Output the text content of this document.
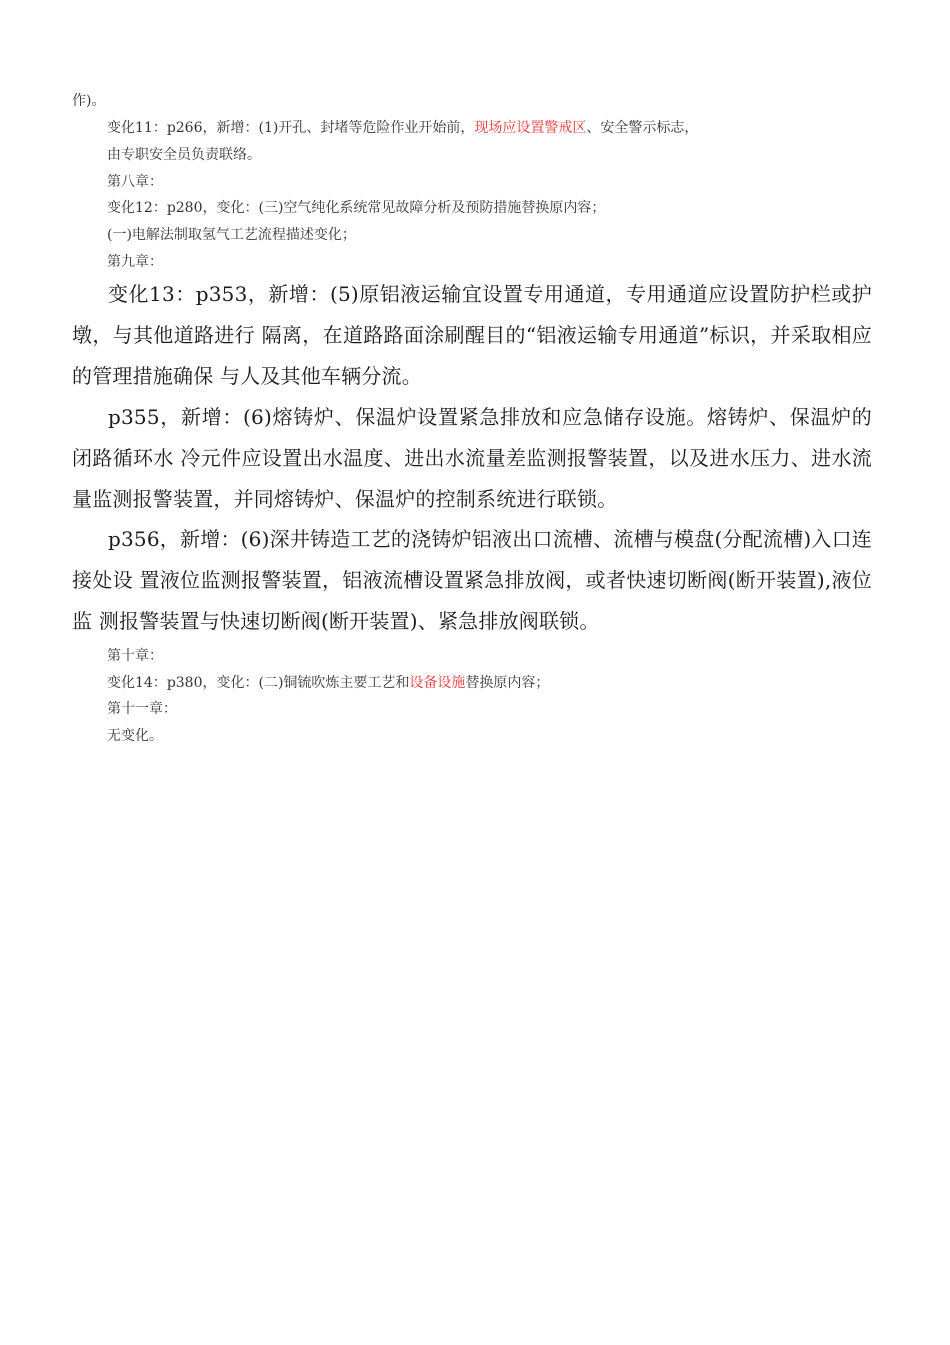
作)。
变化11：p266，新增：(1)开孔、封堵等危险作业开始前，现场应设置警戒区、安全警示标志，
由专职安全员负责联络。
第八章：
变化12：p280，变化：(三)空气纯化系统常见故障分析及预防措施替换原内容；
(一)电解法制取氢气工艺流程描述变化；
第九章：
变化13：p353，新增：(5)原铝液运输宜设置专用通道，专用通道应设置防护栏或护墩，与其他道路进行 隔离，在道路路面涂刷醒目的“铝液运输专用通道”标识，并采取相应的管理措施确保 与人及其他车辆分流。
p355，新增：(6)熔铸炉、保温炉设置紧急排放和应急储存设施。熔铸炉、保温炉的闭路循环水 冷元件应设置出水温度、进出水流量差监测报警装置，以及进水压力、进水流量监测报警装置，并同熔铸炉、保温炉的控制系统进行联锁。
p356，新增：(6)深井铸造工艺的浇铸炉铝液出口流槽、流槽与模盘(分配流槽)入口连接处设 置液位监测报警装置，铝液流槽设置紧急排放阀，或者快速切断阀(断开装置),液位监 测报警装置与快速切断阀(断开装置)、紧急排放阀联锁。
第十章：
变化14：p380，变化：(二)铜锍吹炼主要工艺和设备设施替换原内容；
第十一章：
无变化。
